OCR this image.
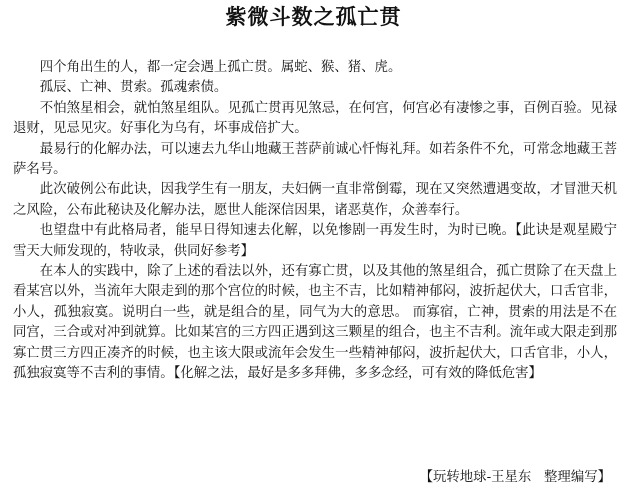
紫微斗数之孤亡贯

四个角出生的人，都一定会遇上孤亡贯。属蛇、猴、猪、虎。

孤辰、亡神、贯索。孤魂索债。

不怕煞星相会，就怕煞星组队。见孤亡贯再见煞忌，在何宫，何宫必有凄惨之事，百例百验。见禄退财，见忌见灾。好事化为乌有，坏事成倍扩大。

最易行的化解办法，可以速去九华山地藏王菩萨前诚心忏悔礼拜。如若条件不允，可常念地藏王菩萨名号。

此次破例公布此诀，因我学生有一朋友，夫妇俩一直非常倒霉，现在又突然遭遇变故，才冒泄天机之风险，公布此秘诀及化解办法，愿世人能深信因果，诸恶莫作，众善奉行。

也望盘中有此格局者，能早日得知速去化解，以免惨剧一再发生时，为时已晚。【此诀是观星殿宁雪天大师发现的，特收录，供同好参考】

在本人的实践中，除了上述的看法以外，还有寡亡贯，以及其他的煞星组合，孤亡贯除了在天盘上看某宫以外，当流年大限走到的那个宫位的时候，也主不吉，比如精神郁闷，波折起伏大，口舌官非，小人，孤独寂寞。说明白一些，就是组合的星，同气为大的意思。 而寡宿，亡神，贯索的用法是不在同宫，三合或对冲到就算。比如某宫的三方四正遇到这三颗星的组合，也主不吉利。流年或大限走到那寡亡贯三方四正凑齐的时候，也主该大限或流年会发生一些精神郁闷，波折起伏大，口舌官非，小人，孤独寂寞等不吉利的事情。【化解之法，最好是多多拜佛，多多念经，可有效的降低危害】

【玩转地球-王星东   整理编写】
